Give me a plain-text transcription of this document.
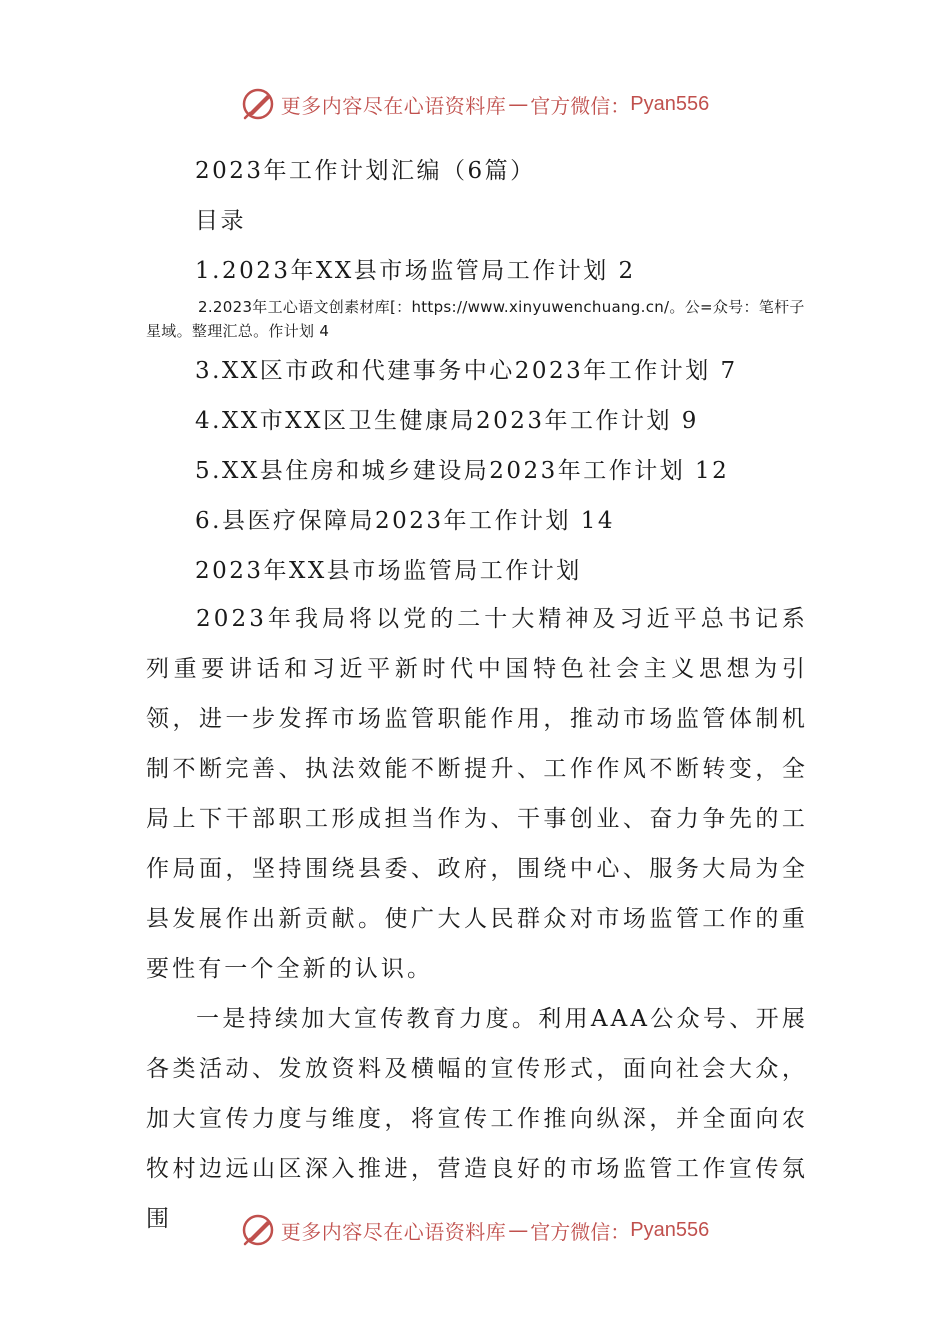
更多内容尽在心语资料库 — 官方微信： Pyan556
2023年工作计划汇编（6篇）
目录
1.2023年XX县市场监管局工作计划 2
2.2023年工心语文创素材库[：https://www.xinyuwenchuang.cn/。公=众号：笔杆子星域。整理汇总。作计划 4
3.XX区市政和代建事务中心2023年工作计划 7
4.XX市XX区卫生健康局2023年工作计划 9
5.XX县住房和城乡建设局2023年工作计划 12
6.县医疗保障局2023年工作计划 14
2023年XX县市场监管局工作计划
2023年我局将以党的二十大精神及习近平总书记系列重要讲话和习近平新时代中国特色社会主义思想为引领，进一步发挥市场监管职能作用，推动市场监管体制机制不断完善、执法效能不断提升、工作作风不断转变，全局上下干部职工形成担当作为、干事创业、奋力争先的工作局面，坚持围绕县委、政府，围绕中心、服务大局为全县发展作出新贡献。使广大人民群众对市场监管工作的重要性有一个全新的认识。
一是持续加大宣传教育力度。利用AAA公众号、开展各类活动、发放资料及横幅的宣传形式，面向社会大众，加大宣传力度与维度，将宣传工作推向纵深，并全面向农牧村边远山区深入推进，营造良好的市场监管工作宣传氛围	更多内容尽在心语资料库 — 官方微信： Pyan556
